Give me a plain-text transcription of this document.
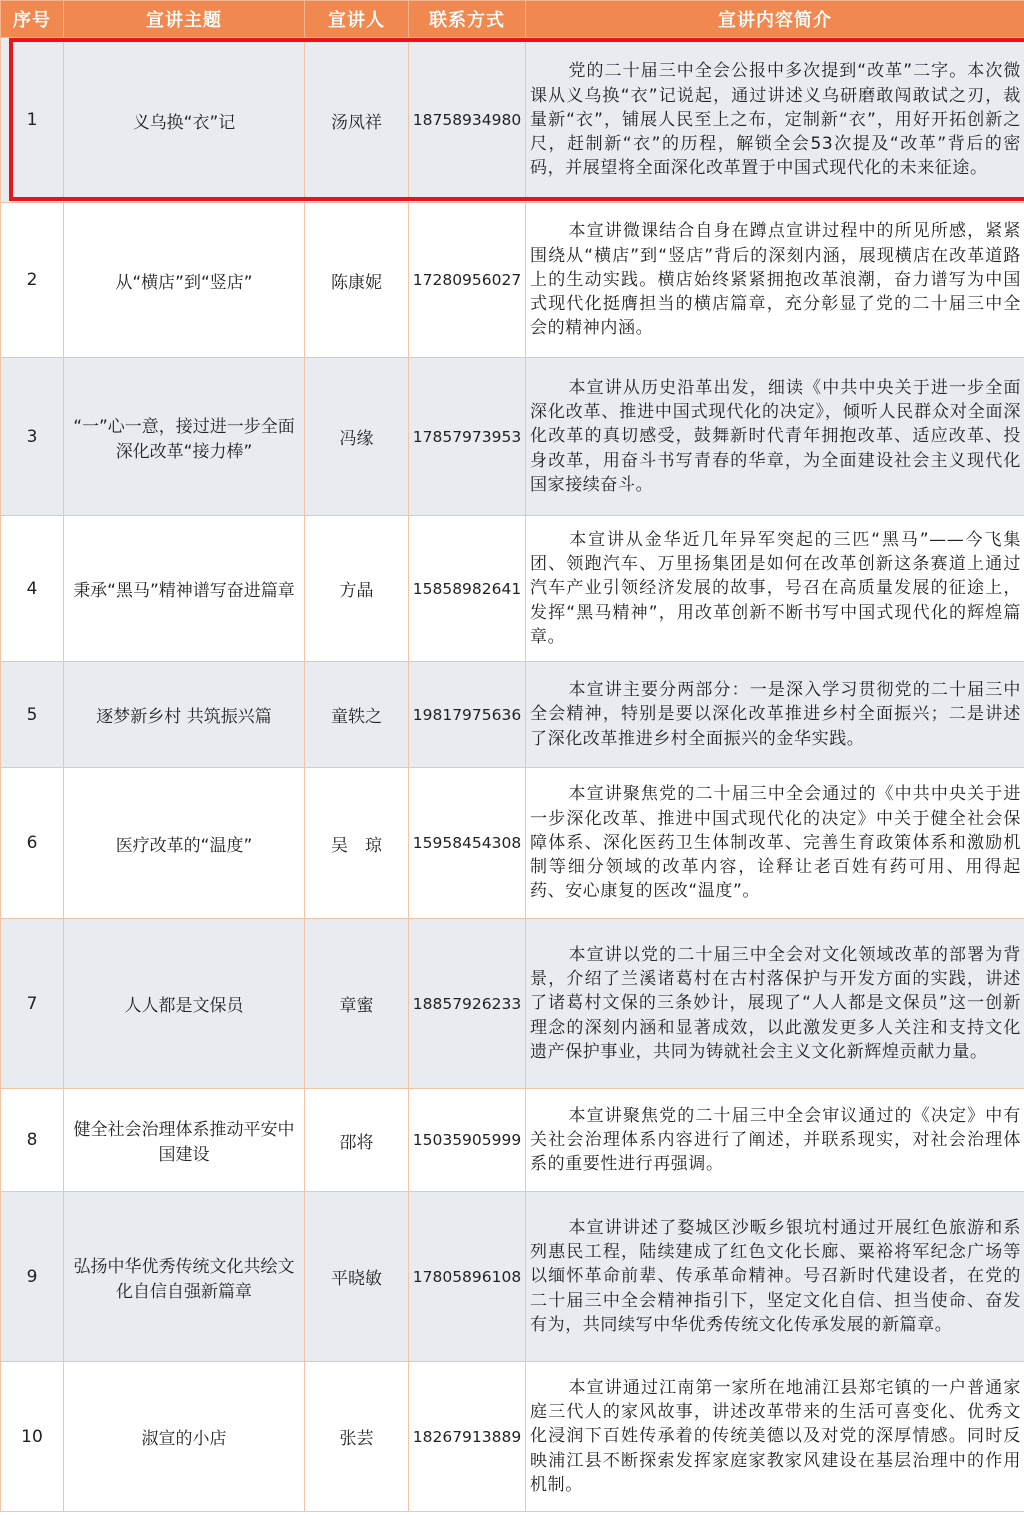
序号	宣讲主题	宣讲人	联系方式	宣讲内容简介
1	义乌换“衣”记	汤凤祥	18758934980	党的二十届三中全会公报中多次提到“改革”二字。本次微课从义乌换“衣”记说起，通过讲述义乌研磨敢闯敢试之刃，裁量新“衣”，铺展人民至上之布，定制新“衣”，用好开拓创新之尺，赶制新“衣”的历程，解锁全会53次提及“改革”背后的密码，并展望将全面深化改革置于中国式现代化的未来征途。
2	从“横店”到“竖店”	陈康妮	17280956027	本宣讲微课结合自身在蹲点宣讲过程中的所见所感，紧紧围绕从“横店”到“竖店”背后的深刻内涵，展现横店在改革道路上的生动实践。横店始终紧紧拥抱改革浪潮，奋力谱写为中国式现代化挺膺担当的横店篇章，充分彰显了党的二十届三中全会的精神内涵。
3	“一”心一意，接过进一步全面深化改革“接力棒”	冯缘	17857973953	本宣讲从历史沿革出发，细读《中共中央关于进一步全面深化改革、推进中国式现代化的决定》，倾听人民群众对全面深化改革的真切感受，鼓舞新时代青年拥抱改革、适应改革、投身改革，用奋斗书写青春的华章，为全面建设社会主义现代化国家接续奋斗。
4	秉承“黑马”精神谱写奋进篇章	方晶	15858982641	本宣讲从金华近几年异军突起的三匹“黑马”——今飞集团、领跑汽车、万里扬集团是如何在改革创新这条赛道上通过汽车产业引领经济发展的故事，号召在高质量发展的征途上，发挥“黑马精神”，用改革创新不断书写中国式现代化的辉煌篇章。
5	逐梦新乡村 共筑振兴篇	童轶之	19817975636	本宣讲主要分两部分：一是深入学习贯彻党的二十届三中全会精神，特别是要以深化改革推进乡村全面振兴；二是讲述了深化改革推进乡村全面振兴的金华实践。
6	医疗改革的“温度”	吴　琼	15958454308	本宣讲聚焦党的二十届三中全会通过的《中共中央关于进一步深化改革、推进中国式现代化的决定》中关于健全社会保障体系、深化医药卫生体制改革、完善生育政策体系和激励机制等细分领域的改革内容，诠释让老百姓有药可用、用得起药、安心康复的医改“温度”。
7	人人都是文保员	章蜜	18857926233	本宣讲以党的二十届三中全会对文化领域改革的部署为背景，介绍了兰溪诸葛村在古村落保护与开发方面的实践，讲述了诸葛村文保的三条妙计，展现了“人人都是文保员”这一创新理念的深刻内涵和显著成效，以此激发更多人关注和支持文化遗产保护事业，共同为铸就社会主义文化新辉煌贡献力量。
8	健全社会治理体系推动平安中国建设	邵将	15035905999	本宣讲聚焦党的二十届三中全会审议通过的《决定》中有关社会治理体系内容进行了阐述，并联系现实，对社会治理体系的重要性进行再强调。
9	弘扬中华优秀传统文化共绘文化自信自强新篇章	平晓敏	17805896108	本宣讲讲述了婺城区沙畈乡银坑村通过开展红色旅游和系列惠民工程，陆续建成了红色文化长廊、粟裕将军纪念广场等以缅怀革命前辈、传承革命精神。号召新时代建设者，在党的二十届三中全会精神指引下，坚定文化自信、担当使命、奋发有为，共同续写中华优秀传统文化传承发展的新篇章。
10	淑宣的小店	张芸	18267913889	本宣讲通过江南第一家所在地浦江县郑宅镇的一户普通家庭三代人的家风故事，讲述改革带来的生活可喜变化、优秀文化浸润下百姓传承着的传统美德以及对党的深厚情感。同时反映浦江县不断探索发挥家庭家教家风建设在基层治理中的作用机制。
